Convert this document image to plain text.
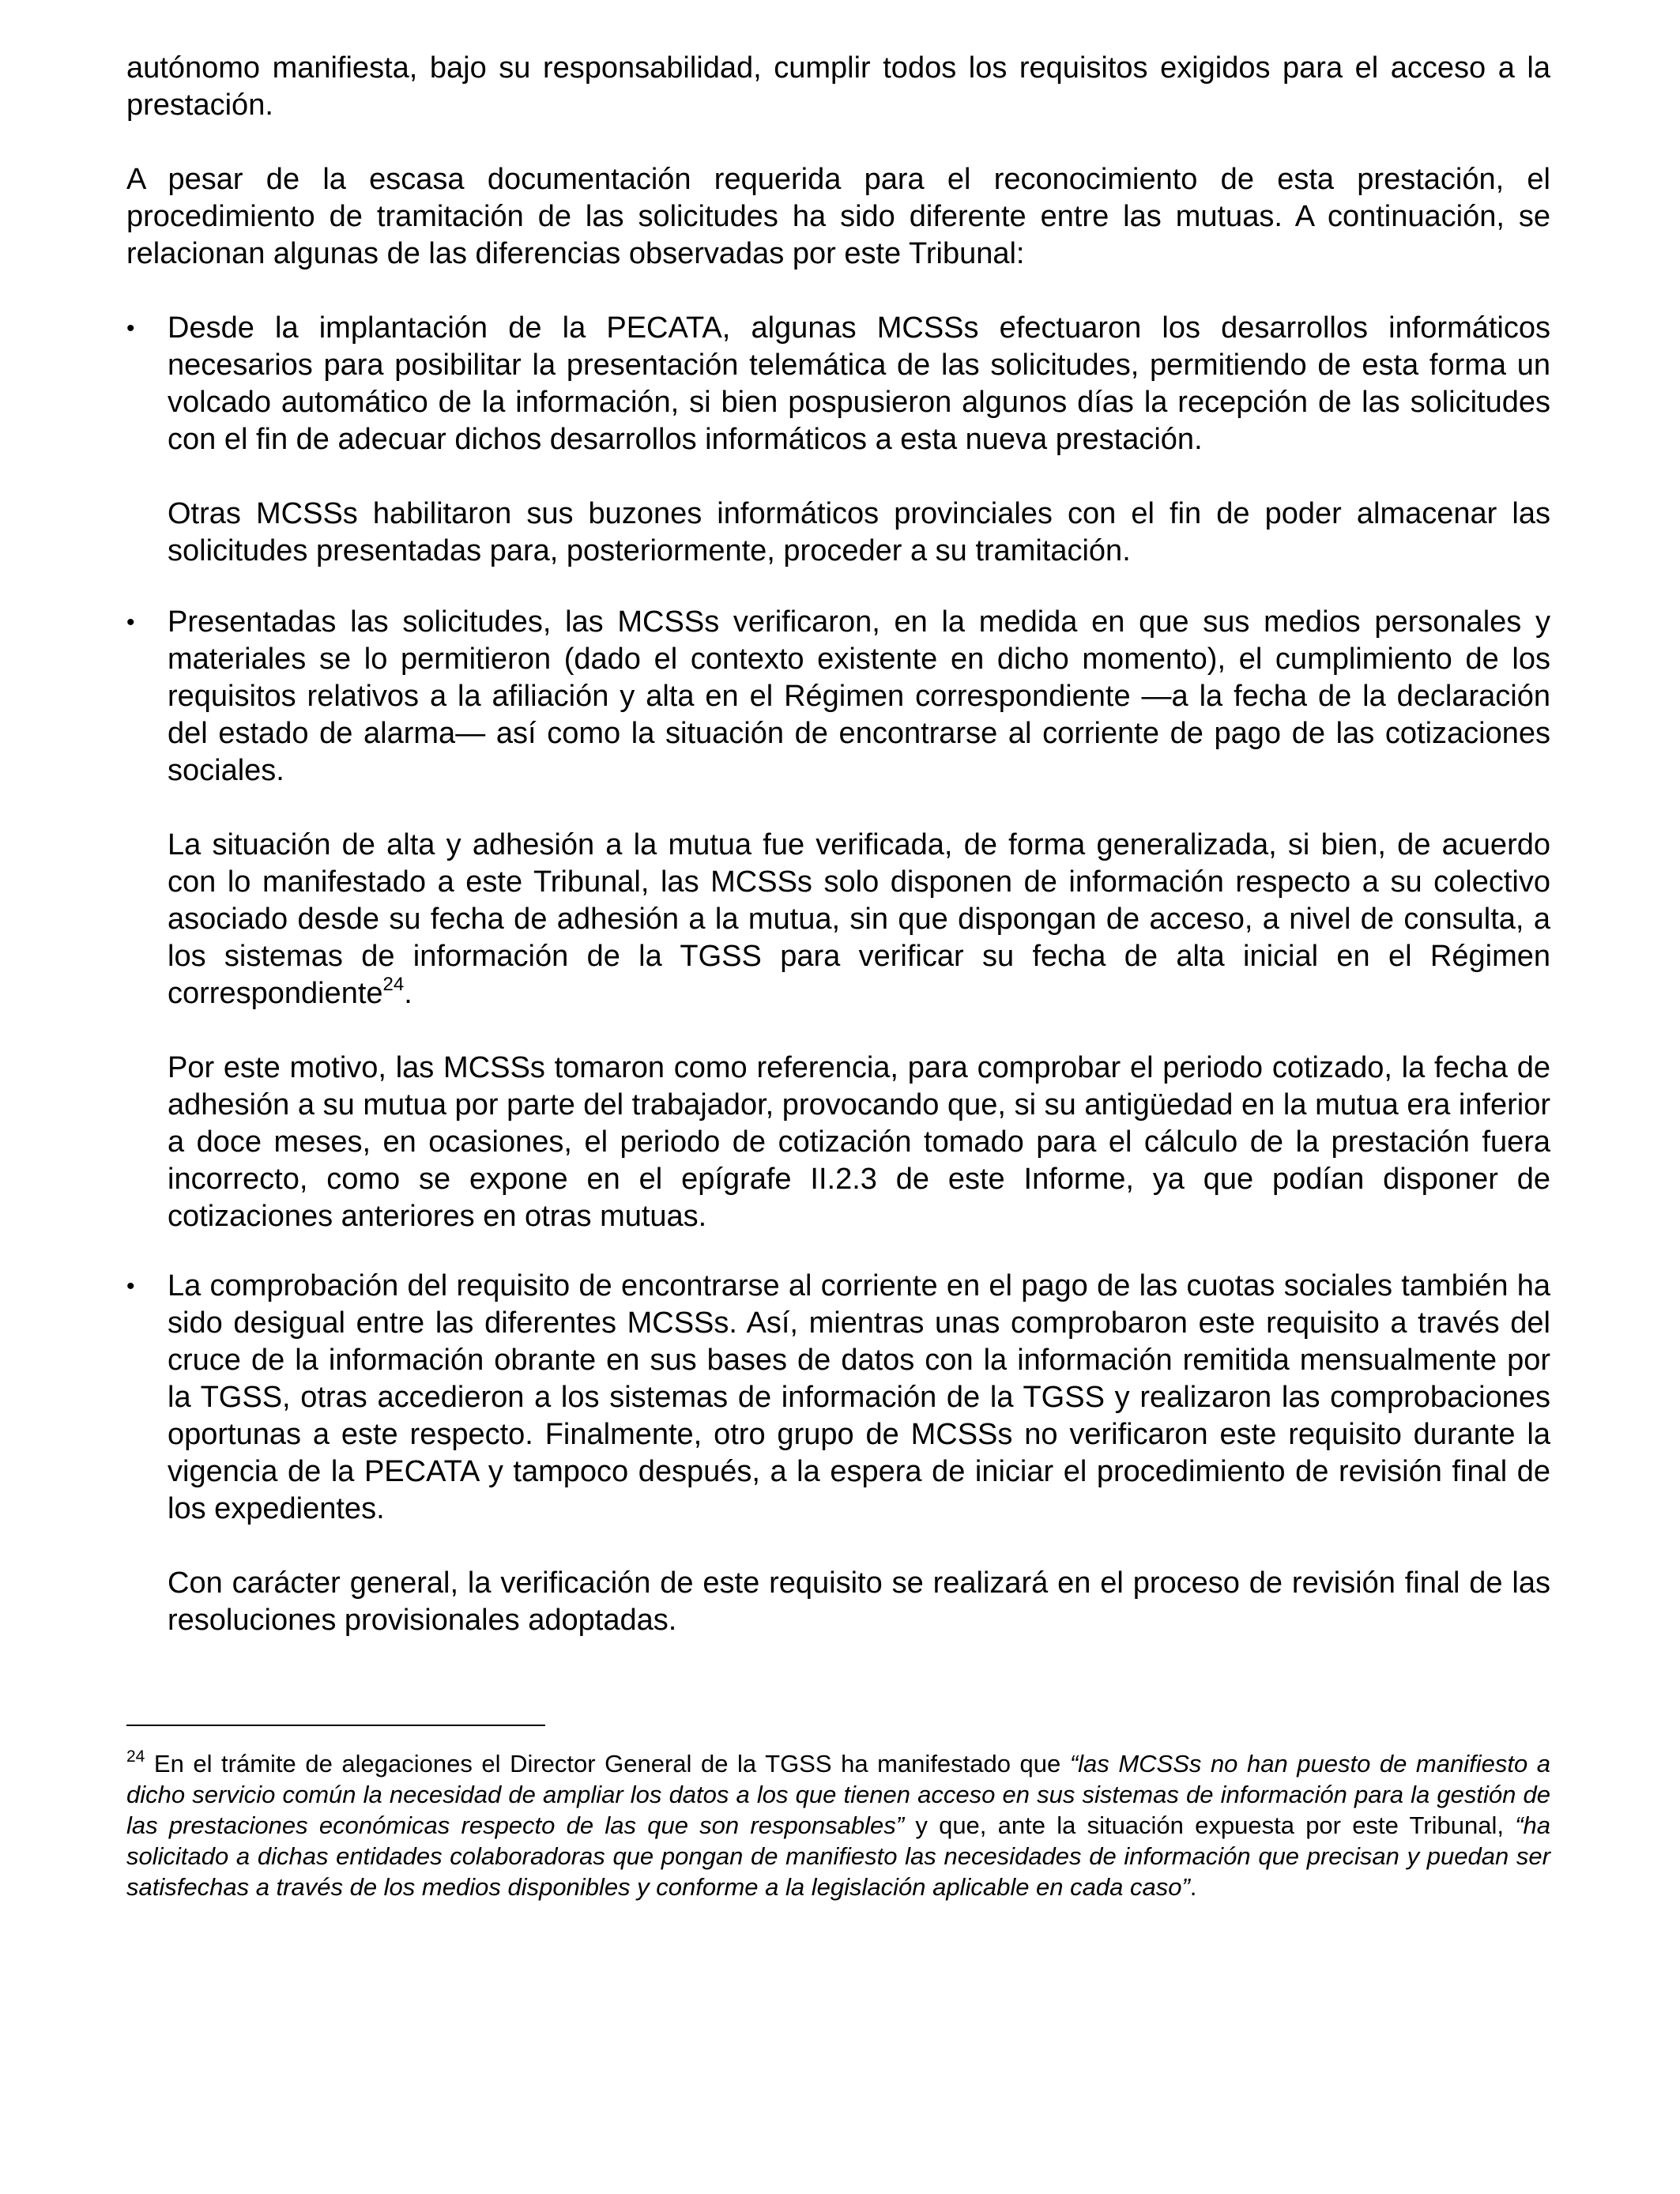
autónomo manifiesta, bajo su responsabilidad, cumplir todos los requisitos exigidos para el acceso a la prestación.

A pesar de la escasa documentación requerida para el reconocimiento de esta prestación, el procedimiento de tramitación de las solicitudes ha sido diferente entre las mutuas. A continuación, se relacionan algunas de las diferencias observadas por este Tribunal:

•	Desde la implantación de la PECATA, algunas MCSSs efectuaron los desarrollos informáticos necesarios para posibilitar la presentación telemática de las solicitudes, permitiendo de esta forma un volcado automático de la información, si bien pospusieron algunos días la recepción de las solicitudes con el fin de adecuar dichos desarrollos informáticos a esta nueva prestación.

Otras MCSSs habilitaron sus buzones informáticos provinciales con el fin de poder almacenar las solicitudes presentadas para, posteriormente, proceder a su tramitación.

•	Presentadas las solicitudes, las MCSSs verificaron, en la medida en que sus medios personales y materiales se lo permitieron (dado el contexto existente en dicho momento), el cumplimiento de los requisitos relativos a la afiliación y alta en el Régimen correspondiente —a la fecha de la declaración del estado de alarma— así como la situación de encontrarse al corriente de pago de las cotizaciones sociales.

La situación de alta y adhesión a la mutua fue verificada, de forma generalizada, si bien, de acuerdo con lo manifestado a este Tribunal, las MCSSs solo disponen de información respecto a su colectivo asociado desde su fecha de adhesión a la mutua, sin que dispongan de acceso, a nivel de consulta, a los sistemas de información de la TGSS para verificar su fecha de alta inicial en el Régimen correspondiente$^{24}$.

Por este motivo, las MCSSs tomaron como referencia, para comprobar el periodo cotizado, la fecha de adhesión a su mutua por parte del trabajador, provocando que, si su antigüedad en la mutua era inferior a doce meses, en ocasiones, el periodo de cotización tomado para el cálculo de la prestación fuera incorrecto, como se expone en el epígrafe II.2.3 de este Informe, ya que podían disponer de cotizaciones anteriores en otras mutuas.

•	La comprobación del requisito de encontrarse al corriente en el pago de las cuotas sociales también ha sido desigual entre las diferentes MCSSs. Así, mientras unas comprobaron este requisito a través del cruce de la información obrante en sus bases de datos con la información remitida mensualmente por la TGSS, otras accedieron a los sistemas de información de la TGSS y realizaron las comprobaciones oportunas a este respecto. Finalmente, otro grupo de MCSSs no verificaron este requisito durante la vigencia de la PECATA y tampoco después, a la espera de iniciar el procedimiento de revisión final de los expedientes.

Con carácter general, la verificación de este requisito se realizará en el proceso de revisión final de las resoluciones provisionales adoptadas.

$^{24}$ En el trámite de alegaciones el Director General de la TGSS ha manifestado que “las MCSSs no han puesto de manifiesto a dicho servicio común la necesidad de ampliar los datos a los que tienen acceso en sus sistemas de información para la gestión de las prestaciones económicas respecto de las que son responsables” y que, ante la situación expuesta por este Tribunal, “ha solicitado a dichas entidades colaboradoras que pongan de manifiesto las necesidades de información que precisan y puedan ser satisfechas a través de los medios disponibles y conforme a la legislación aplicable en cada caso”.
